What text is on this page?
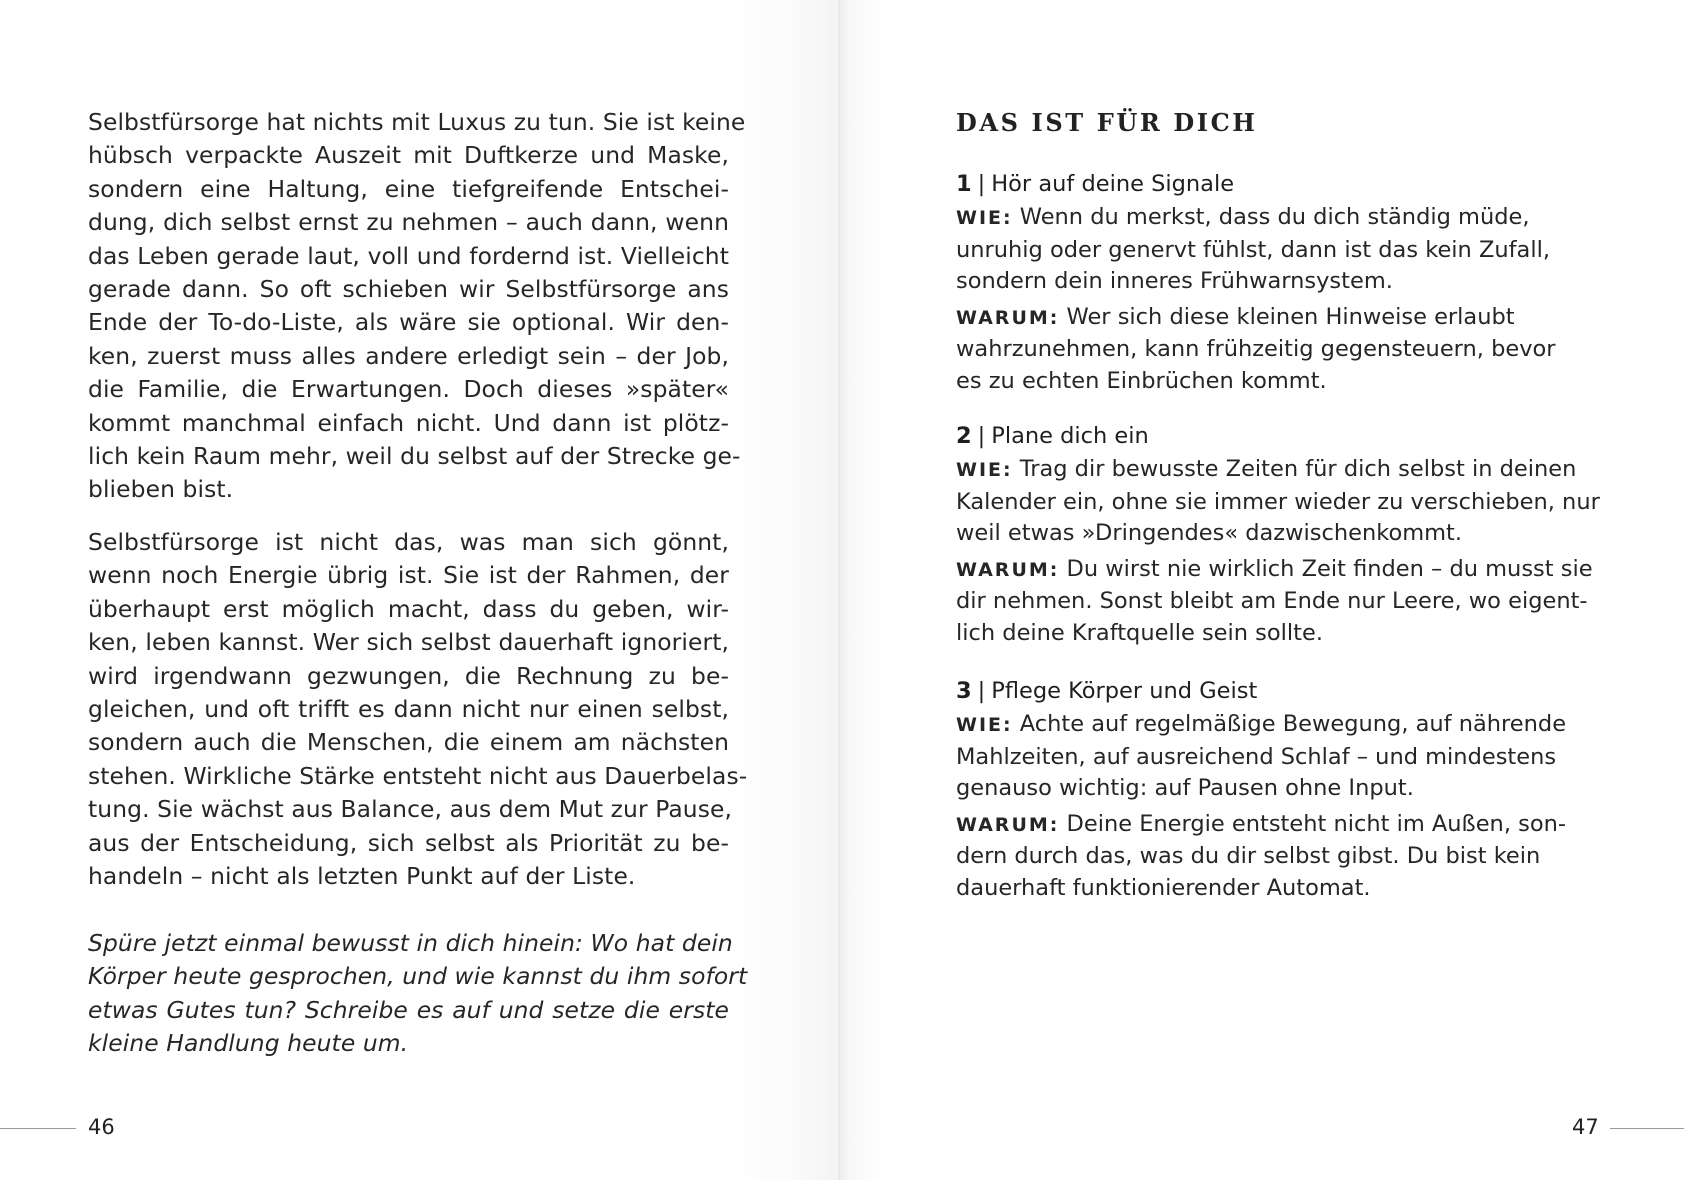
Selbstfürsorge hat nichts mit Luxus zu tun. Sie ist keine
hübsch verpackte Auszeit mit Duftkerze und Maske,
sondern eine Haltung, eine tiefgreifende Entschei-
dung, dich selbst ernst zu nehmen – auch dann, wenn
das Leben gerade laut, voll und fordernd ist. Vielleicht
gerade dann. So oft schieben wir Selbstfürsorge ans
Ende der To-do-Liste, als wäre sie optional. Wir den-
ken, zuerst muss alles andere erledigt sein – der Job,
die Familie, die Erwartungen. Doch dieses »später«
kommt manchmal einfach nicht. Und dann ist plötz-
lich kein Raum mehr, weil du selbst auf der Strecke ge-
blieben bist.

Selbstfürsorge ist nicht das, was man sich gönnt,
wenn noch Energie übrig ist. Sie ist der Rahmen, der
überhaupt erst möglich macht, dass du geben, wir-
ken, leben kannst. Wer sich selbst dauerhaft ignoriert,
wird irgendwann gezwungen, die Rechnung zu be-
gleichen, und oft trifft es dann nicht nur einen selbst,
sondern auch die Menschen, die einem am nächsten
stehen. Wirkliche Stärke entsteht nicht aus Dauerbelas-
tung. Sie wächst aus Balance, aus dem Mut zur Pause,
aus der Entscheidung, sich selbst als Priorität zu be-
handeln – nicht als letzten Punkt auf der Liste.

Spüre jetzt einmal bewusst in dich hinein: Wo hat dein
Körper heute gesprochen, und wie kannst du ihm sofort
etwas Gutes tun? Schreibe es auf und setze die erste
kleine Handlung heute um.

46
DAS IST FÜR DICH
1 | Hör auf deine Signale
WIE: Wenn du merkst, dass du dich ständig müde,
unruhig oder genervt fühlst, dann ist das kein Zufall,
sondern dein inneres Frühwarnsystem.
WARUM: Wer sich diese kleinen Hinweise erlaubt
wahrzunehmen, kann frühzeitig gegensteuern, bevor
es zu echten Einbrüchen kommt.
2 | Plane dich ein
WIE: Trag dir bewusste Zeiten für dich selbst in deinen
Kalender ein, ohne sie immer wieder zu verschieben, nur
weil etwas »Dringendes« dazwischenkommt.
WARUM: Du wirst nie wirklich Zeit finden – du musst sie
dir nehmen. Sonst bleibt am Ende nur Leere, wo eigent-
lich deine Kraftquelle sein sollte.
3 | Pflege Körper und Geist
WIE: Achte auf regelmäßige Bewegung, auf nährende
Mahlzeiten, auf ausreichend Schlaf – und mindestens
genauso wichtig: auf Pausen ohne Input.
WARUM: Deine Energie entsteht nicht im Außen, son-
dern durch das, was du dir selbst gibst. Du bist kein
dauerhaft funktionierender Automat.
47
